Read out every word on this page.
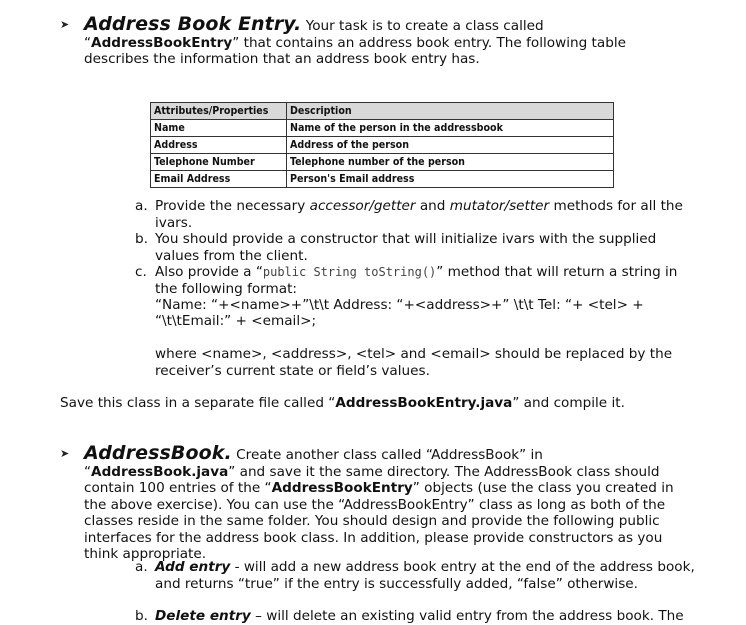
➤ Address Book Entry. Your task is to create a class called “AddressBookEntry” that contains an address book entry. The following table describes the information that an address book entry has.
Attributes/Properties	Description
Name	Name of the person in the addressbook
Address	Address of the person
Telephone Number	Telephone number of the person
Email Address	Person's Email address
a. Provide the necessary accessor/getter and mutator/setter methods for all the ivars.
b. You should provide a constructor that will initialize ivars with the supplied values from the client.
c. Also provide a “public String toString()” method that will return a string in the following format:
“Name: “+<name>+”\t\t Address: “+<address>+” \t\t Tel: “+ <tel> +
“\t\tEmail:” + <email>;
where <name>, <address>, <tel> and <email> should be replaced by the receiver’s current state or field’s values.
Save this class in a separate file called “AddressBookEntry.java” and compile it.
➤ AddressBook. Create another class called “AddressBook” in “AddressBook.java” and save it the same directory. The AddressBook class should contain 100 entries of the “AddressBookEntry” objects (use the class you created in the above exercise). You can use the “AddressBookEntry” class as long as both of the classes reside in the same folder. You should design and provide the following public interfaces for the address book class. In addition, please provide constructors as you think appropriate.
a. Add entry - will add a new address book entry at the end of the address book, and returns “true” if the entry is successfully added, “false” otherwise.
b. Delete entry – will delete an existing valid entry from the address book. The
